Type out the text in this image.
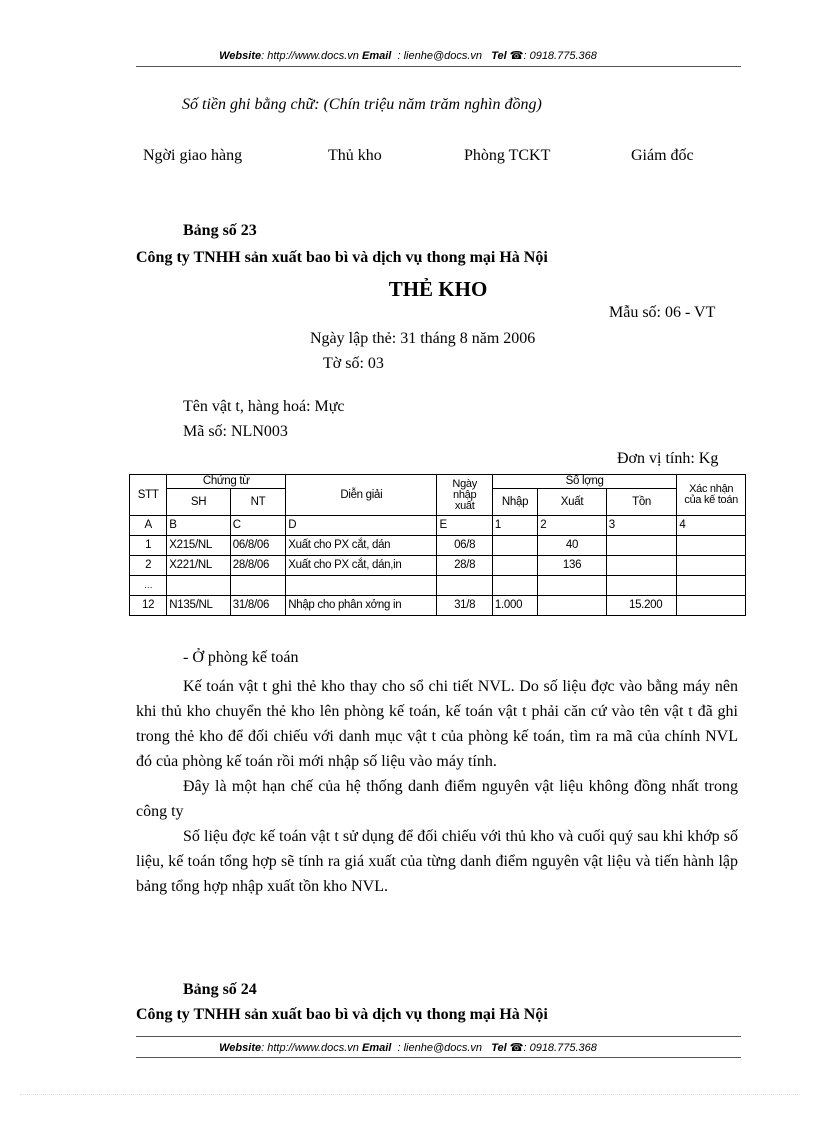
Website: http://www.docs.vn Email : lienhe@docs.vn Tel ☎: 0918.775.368
Số tiền ghi bằng chữ: (Chín triệu năm trăm nghìn đồng)
Ngời giao hàng	Thủ kho	Phòng TCKT	Giám đốc
Bảng số 23
Công ty TNHH sản xuất bao bì và dịch vụ thong mại Hà Nội
THẺ KHO
Mẫu số: 06 - VT
Ngày lập thẻ: 31 tháng 8 năm 2006
Tờ số: 03
Tên vật t, hàng hoá: Mực
Mã số: NLN003
Đơn vị tính: Kg
STT	Chứng từ		Diễn giải	Ngày nhập xuất	Số lợng			Xác nhận của kế toán
	SH	NT			Nhập	Xuất	Tồn	
A	B	C	D	E	1	2	3	4
1	X215/NL	06/8/06	Xuất cho PX cắt, dán	06/8		40		
2	X221/NL	28/8/06	Xuất cho PX cắt, dán,in	28/8		136		
…								
12	N135/NL	31/8/06	Nhập cho phân xởng in	31/8	1.000		15.200	
- Ở phòng kế toán

Kế toán vật t ghi thẻ kho thay cho sổ chi tiết NVL. Do số liệu đợc vào bằng máy nên khi thủ kho chuyển thẻ kho lên phòng kế toán, kế toán vật t phải căn cứ vào tên vật t đã ghi trong thẻ kho để đối chiếu với danh mục vật t của phòng kế toán, tìm ra mã của chính NVL đó của phòng kế toán rồi mới nhập số liệu vào máy tính.

Đây là một hạn chế của hệ thống danh điểm nguyên vật liệu không đồng nhất trong công ty

Số liệu đợc kế toán vật t sử dụng để đối chiếu với thủ kho và cuối quý sau khi khớp số liệu, kế toán tổng hợp sẽ tính ra giá xuất của từng danh điểm nguyên vật liệu và tiến hành lập bảng tổng hợp nhập xuất tồn kho NVL.

Bảng số 24
Công ty TNHH sản xuất bao bì và dịch vụ thong mại Hà Nội
Website: http://www.docs.vn Email : lienhe@docs.vn Tel ☎: 0918.775.368
